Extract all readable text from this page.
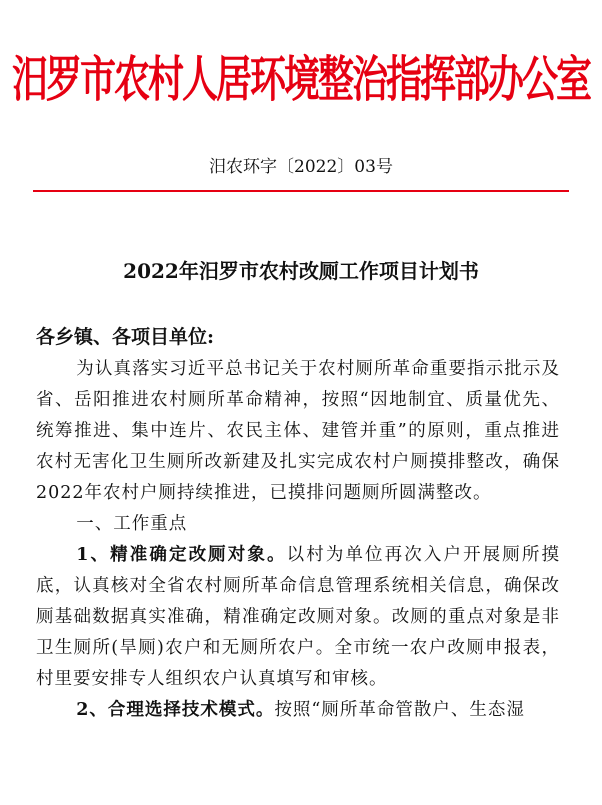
汨罗市农村人居环境整治指挥部办公室
汨农环字〔2022〕03号
2022年汨罗市农村改厕工作项目计划书
各乡镇、各项目单位:

为认真落实习近平总书记关于农村厕所革命重要指示批示及省、岳阳推进农村厕所革命精神，按照“因地制宜、质量优先、统筹推进、集中连片、农民主体、建管并重”的原则，重点推进农村无害化卫生厕所改新建及扎实完成农村户厕摸排整改，确保2022年农村户厕持续推进，已摸排问题厕所圆满整改。

一、工作重点

1、精准确定改厕对象。以村为单位再次入户开展厕所摸底，认真核对全省农村厕所革命信息管理系统相关信息，确保改厕基础数据真实准确，精准确定改厕对象。改厕的重点对象是非卫生厕所(旱厕)农户和无厕所农户。全市统一农户改厕申报表，村里要安排专人组织农户认真填写和审核。

2、合理选择技术模式。按照“厕所革命管散户、生态湿
